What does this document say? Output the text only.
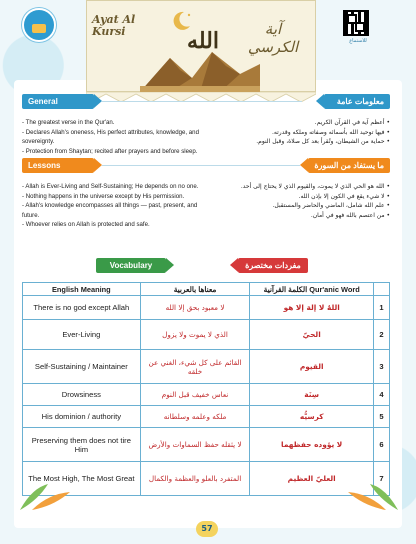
Ayat Al Kursi	الله	آية الكرسي	للاستماع
General Information
معلومات عامة
- The greatest verse in the Qur'an.
- Declares Allah's oneness, His perfect attributes, knowledge, and sovereignty.
- Protection from Shaytan; recited after prayers and before sleep.
• أعظم آية في القرآن الكريم.
• فيها توحيد الله بأسمائه وصفاته وملكه وقدرته.
• حماية من الشيطان، وتُقرأ بعد كل صلاة، وقبل النوم.
Lessons Learned
ما يستفاد من السورة
- Allah is Ever-Living and Self-Sustaining; He depends on no one.
- Nothing happens in the universe except by His permission.
- Allah's knowledge encompasses all things — past, present, and future.
- Whoever relies on Allah is protected and safe.
• الله هو الحي الذي لا يموت، والقيوم الذي لا يحتاج إلى أحد.
• لا شيء يقع في الكون إلا بإذن الله.
• علم الله شامل، الماضي والحاضر والمستقبل.
• من اعتصم بالله فهو في أمان.
Vocabulary	مفردات مختصرة
English Meaning	معناها بالعربية	الكلمة القرآنية Qur'anic Word	
There is no god except Allah	لا معبود بحق إلا الله	اللهُ لا إلهَ إلا هو	1
Ever-Living	الذي لا يموت ولا يزول	الحيّ	2
Self-Sustaining / Maintainer	القائم على كل شيء، الغني عن خلقه	القيوم	3
Drowsiness	نعاس خفيف قبل النوم	سِنَة	4
His dominion / authority	ملكه وعلمه وسلطانه	كرسيُّه	5
Preserving them does not tire Him	لا يثقله حفظ السماوات والأرض	لا يؤوده حفظهما	6
The Most High, The Most Great	المتفرد بالعلو والعظمة والكمال	العليّ العظيم	7
57
